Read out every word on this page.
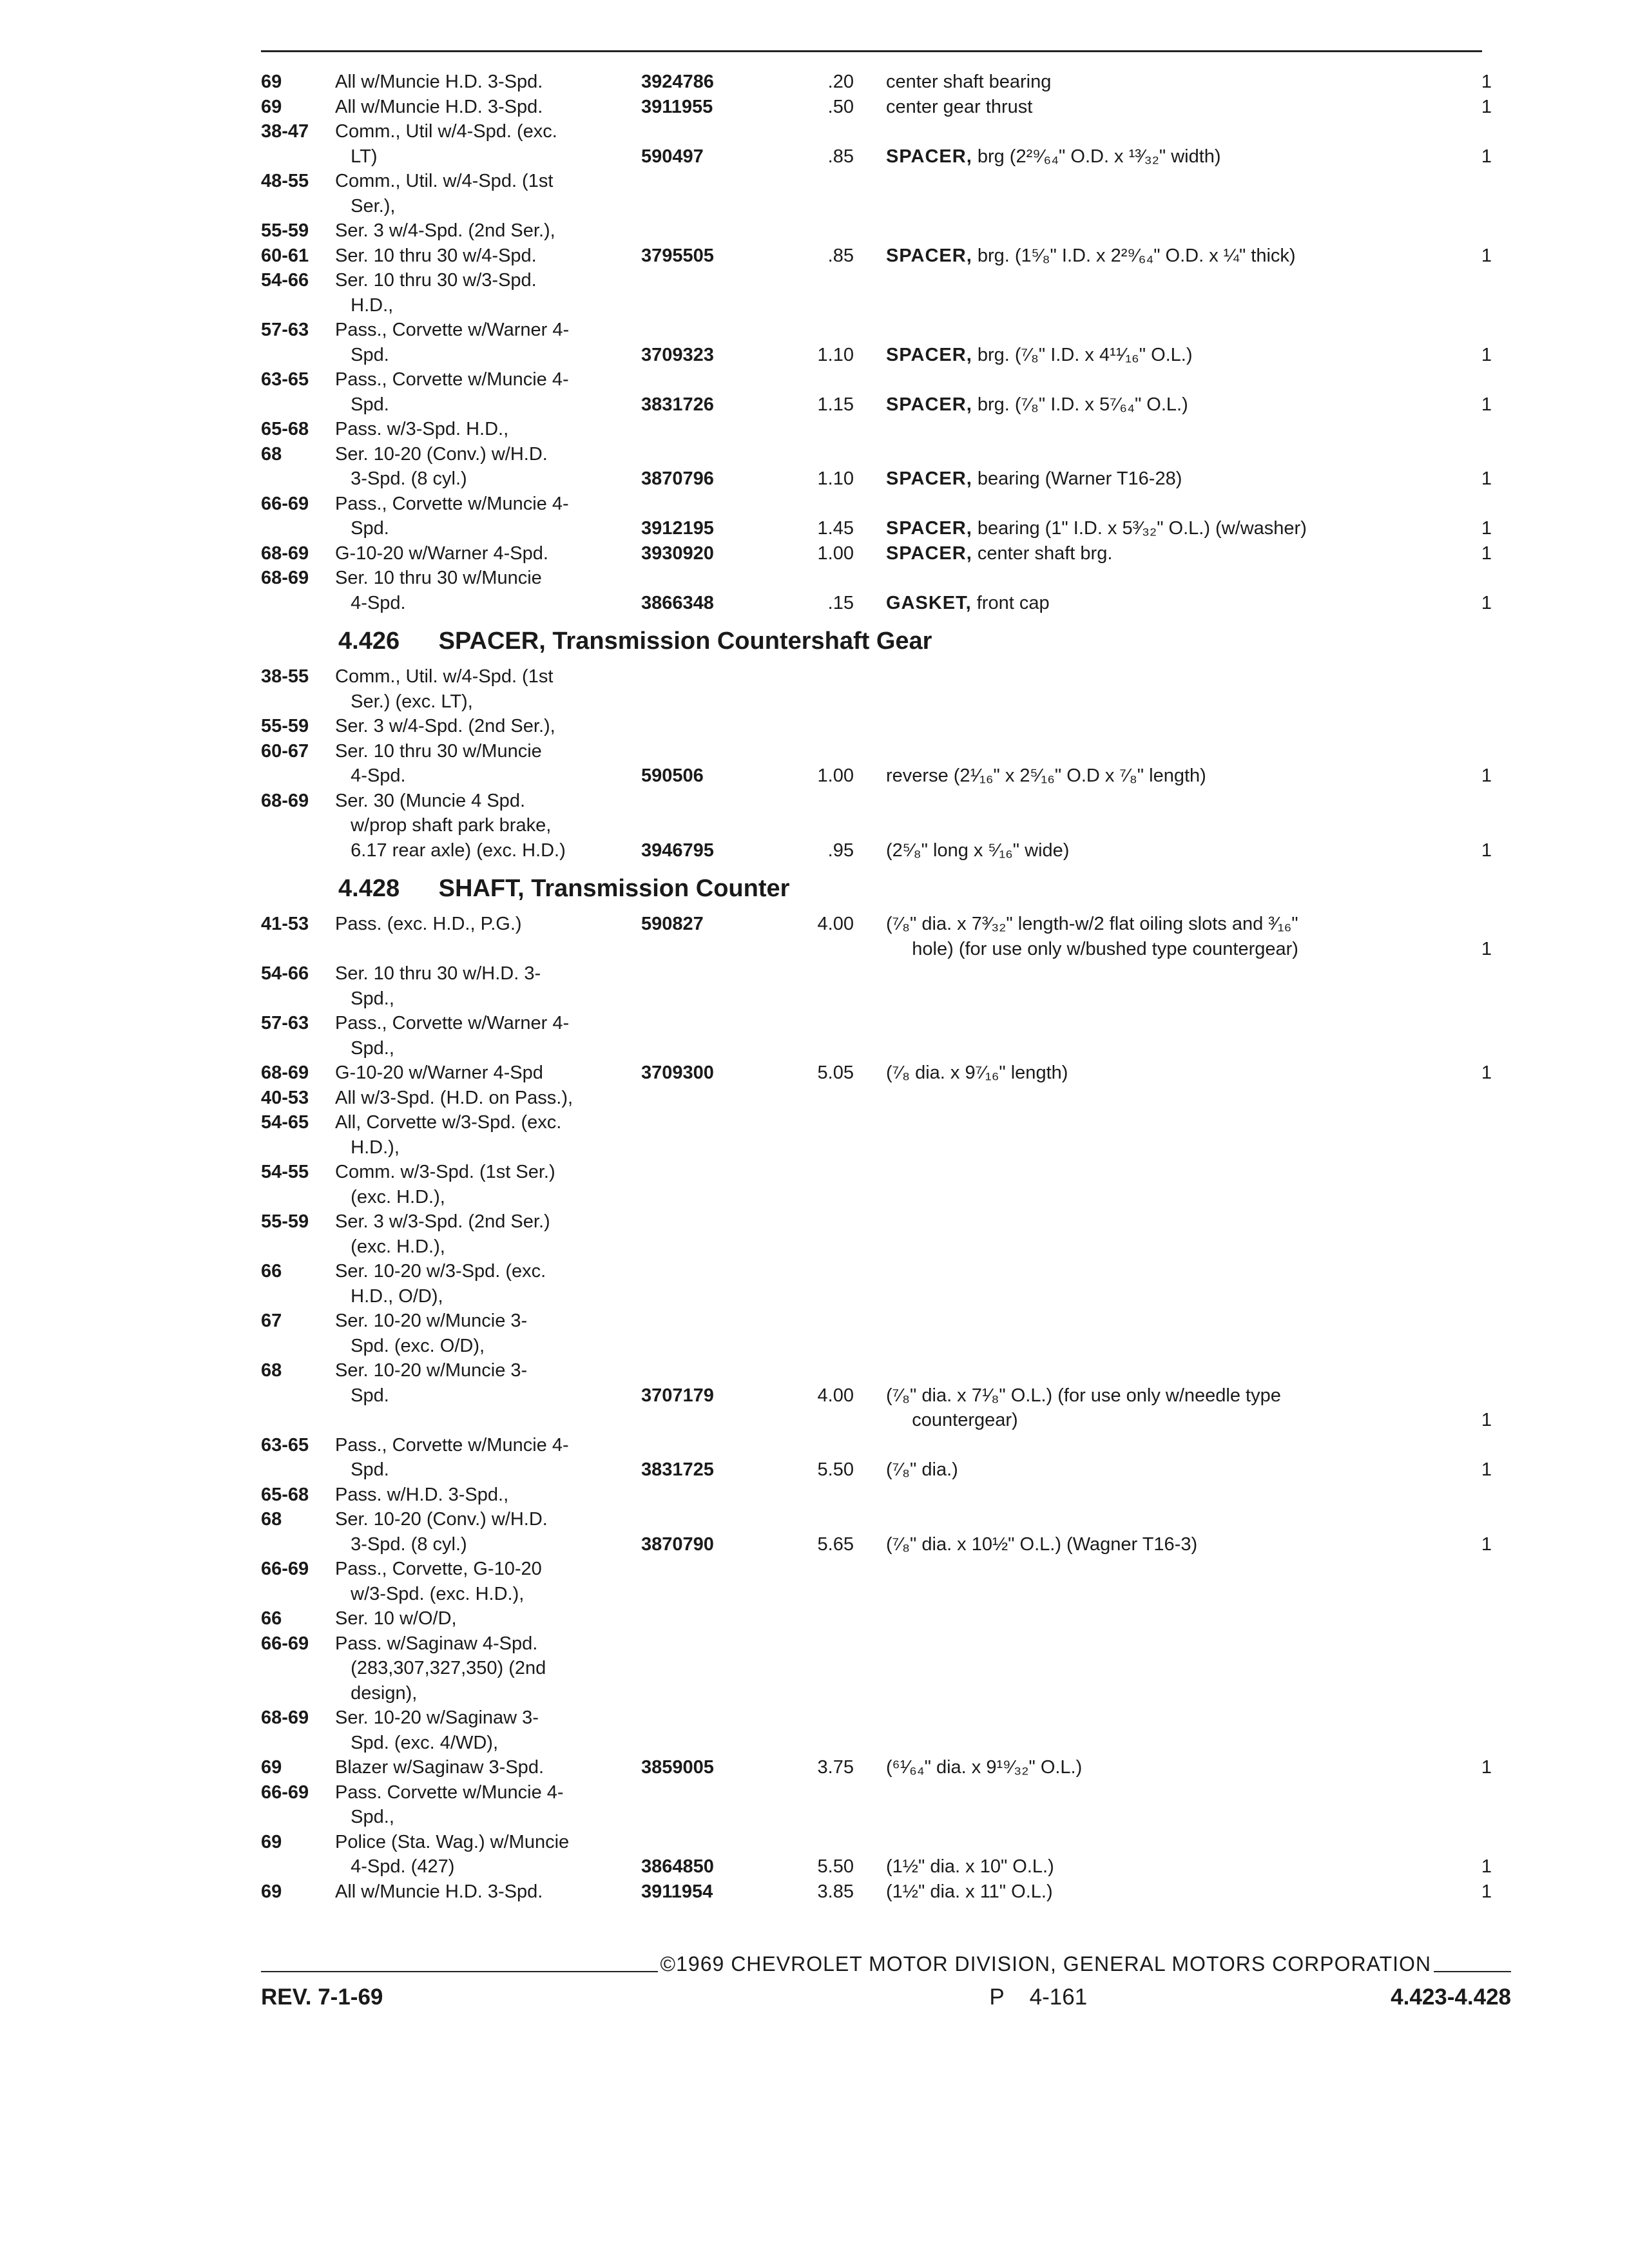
69	All w/Muncie H.D. 3-Spd.	3924786	.20	center shaft bearing	1
69	All w/Muncie H.D. 3-Spd.	3911955	.50	center gear thrust	1
38-47	Comm., Util w/4-Spd. (exc.
LT)	590497	.85	SPACER, brg (2²⁹⁄₆₄" O.D. x ¹³⁄₃₂" width)	1
48-55	Comm., Util. w/4-Spd. (1st
Ser.),
55-59	Ser. 3 w/4-Spd. (2nd Ser.),
60-61	Ser. 10 thru 30 w/4-Spd.	3795505	.85	SPACER, brg. (1⁵⁄₈" I.D. x 2²⁹⁄₆₄" O.D. x ¼" thick)	1
54-66	Ser. 10 thru 30 w/3-Spd.
H.D.,
57-63	Pass., Corvette w/Warner 4-
Spd.	3709323	1.10	SPACER, brg. (⁷⁄₈" I.D. x 4¹¹⁄₁₆" O.L.)	1
63-65	Pass., Corvette w/Muncie 4-
Spd.	3831726	1.15	SPACER, brg. (⁷⁄₈" I.D. x 5⁷⁄₆₄" O.L.)	1
65-68	Pass. w/3-Spd. H.D.,
68	Ser. 10-20 (Conv.) w/H.D.
3-Spd. (8 cyl.)	3870796	1.10	SPACER, bearing (Warner T16-28)	1
66-69	Pass., Corvette w/Muncie 4-
Spd.	3912195	1.45	SPACER, bearing (1" I.D. x 5³⁄₃₂" O.L.) (w/washer)	1
68-69	G-10-20 w/Warner 4-Spd.	3930920	1.00	SPACER, center shaft brg.	1
68-69	Ser. 10 thru 30 w/Muncie
4-Spd.	3866348	.15	GASKET, front cap	1
4.426 SPACER, Transmission Countershaft Gear
38-55	Comm., Util. w/4-Spd. (1st
Ser.) (exc. LT),
55-59	Ser. 3 w/4-Spd. (2nd Ser.),
60-67	Ser. 10 thru 30 w/Muncie
4-Spd.	590506	1.00	reverse (2¹⁄₁₆" x 2⁵⁄₁₆" O.D x ⁷⁄₈" length)	1
68-69	Ser. 30 (Muncie 4 Spd.
w/prop shaft park brake,
6.17 rear axle) (exc. H.D.)	3946795	.95	(2⁵⁄₈" long x ⁵⁄₁₆" wide)	1
4.428 SHAFT, Transmission Counter
41-53	Pass. (exc. H.D., P.G.)	590827	4.00	(⁷⁄₈" dia. x 7³⁄₃₂" length-w/2 flat oiling slots and ³⁄₁₆"
hole) (for use only w/bushed type countergear)	1
54-66	Ser. 10 thru 30 w/H.D. 3-
Spd.,
57-63	Pass., Corvette w/Warner 4-
Spd.,
68-69	G-10-20 w/Warner 4-Spd	3709300	5.05	(⁷⁄₈ dia. x 9⁷⁄₁₆" length)	1
40-53	All w/3-Spd. (H.D. on Pass.),
54-65	All, Corvette w/3-Spd. (exc.
H.D.),
54-55	Comm. w/3-Spd. (1st Ser.)
(exc. H.D.),
55-59	Ser. 3 w/3-Spd. (2nd Ser.)
(exc. H.D.),
66	Ser. 10-20 w/3-Spd. (exc.
H.D., O/D),
67	Ser. 10-20 w/Muncie 3-
Spd. (exc. O/D),
68	Ser. 10-20 w/Muncie 3-
Spd.	3707179	4.00	(⁷⁄₈" dia. x 7¹⁄₈" O.L.) (for use only w/needle type
countergear)	1
63-65	Pass., Corvette w/Muncie 4-
Spd.	3831725	5.50	(⁷⁄₈" dia.)	1
65-68	Pass. w/H.D. 3-Spd.,
68	Ser. 10-20 (Conv.) w/H.D.
3-Spd. (8 cyl.)	3870790	5.65	(⁷⁄₈" dia. x 10½" O.L.) (Wagner T16-3)	1
66-69	Pass., Corvette, G-10-20
w/3-Spd. (exc. H.D.),
66	Ser. 10 w/O/D,
66-69	Pass. w/Saginaw 4-Spd.
(283,307,327,350) (2nd
design),
68-69	Ser. 10-20 w/Saginaw 3-
Spd. (exc. 4/WD),
69	Blazer w/Saginaw 3-Spd.	3859005	3.75	(⁶¹⁄₆₄" dia. x 9¹⁹⁄₃₂" O.L.)	1
66-69	Pass. Corvette w/Muncie 4-
Spd.,
69	Police (Sta. Wag.) w/Muncie
4-Spd. (427)	3864850	5.50	(1½" dia. x 10" O.L.)	1
69	All w/Muncie H.D. 3-Spd.	3911954	3.85	(1½" dia. x 11" O.L.)	1
©1969 CHEVROLET MOTOR DIVISION, GENERAL MOTORS CORPORATION
REV. 7-1-69	P 4-161	4.423-4.428
